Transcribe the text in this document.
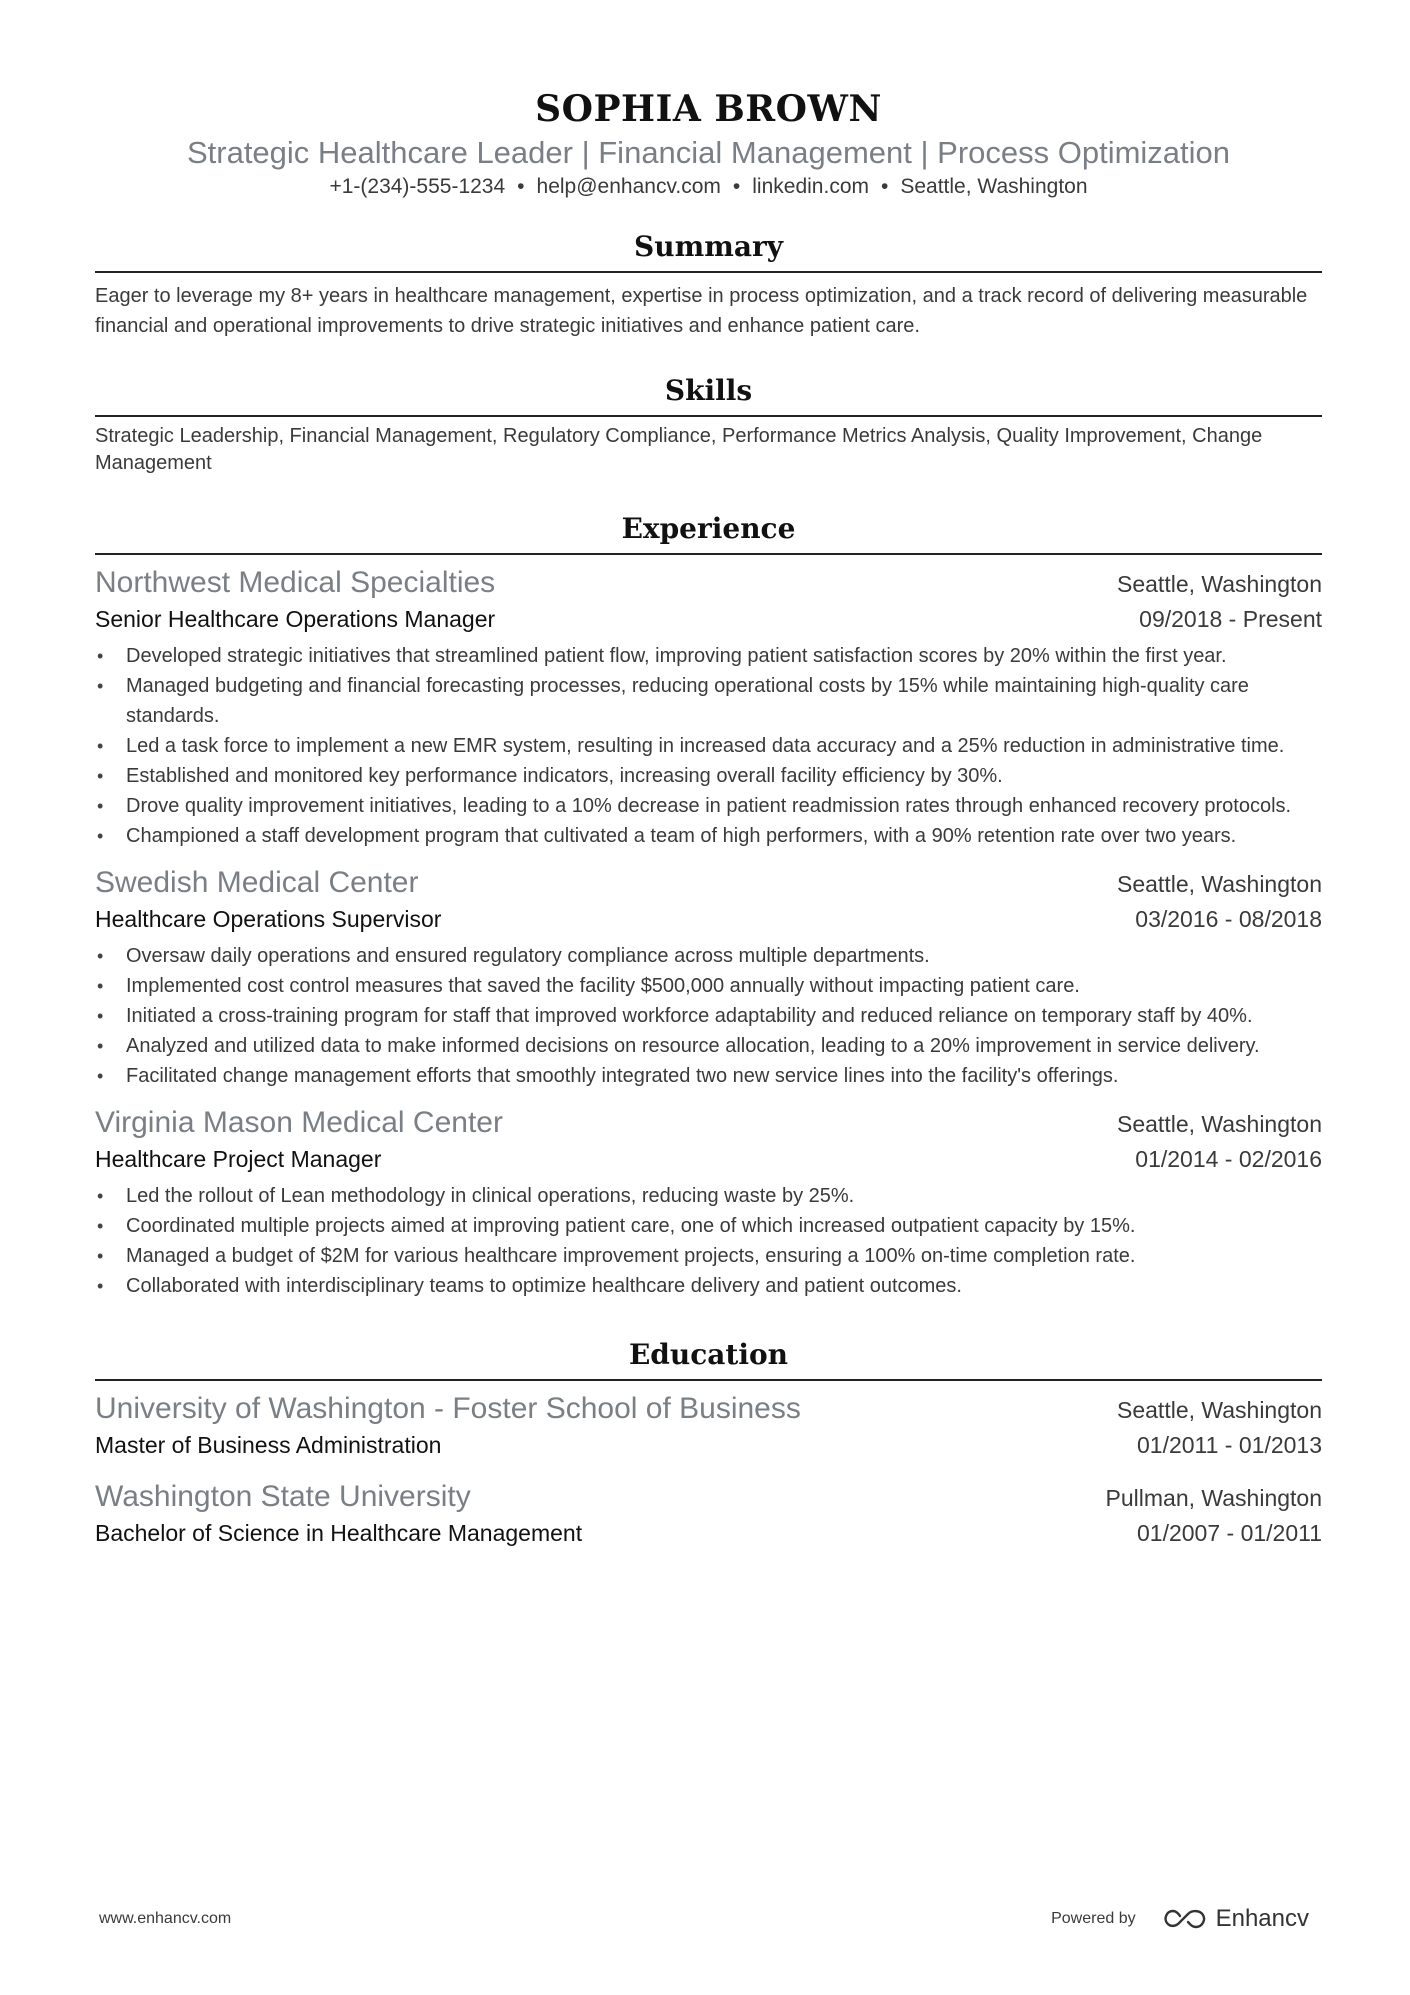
SOPHIA BROWN
Strategic Healthcare Leader | Financial Management | Process Optimization
+1-(234)-555-1234 • help@enhancv.com • linkedin.com • Seattle, Washington
Summary
Eager to leverage my 8+ years in healthcare management, expertise in process optimization, and a track record of delivering measurable financial and operational improvements to drive strategic initiatives and enhance patient care.
Skills
Strategic Leadership, Financial Management, Regulatory Compliance, Performance Metrics Analysis, Quality Improvement, Change Management
Experience
Northwest Medical Specialties	Seattle, Washington
Senior Healthcare Operations Manager	09/2018 - Present
• Developed strategic initiatives that streamlined patient flow, improving patient satisfaction scores by 20% within the first year.
• Managed budgeting and financial forecasting processes, reducing operational costs by 15% while maintaining high-quality care standards.
• Led a task force to implement a new EMR system, resulting in increased data accuracy and a 25% reduction in administrative time.
• Established and monitored key performance indicators, increasing overall facility efficiency by 30%.
• Drove quality improvement initiatives, leading to a 10% decrease in patient readmission rates through enhanced recovery protocols.
• Championed a staff development program that cultivated a team of high performers, with a 90% retention rate over two years.
Swedish Medical Center	Seattle, Washington
Healthcare Operations Supervisor	03/2016 - 08/2018
• Oversaw daily operations and ensured regulatory compliance across multiple departments.
• Implemented cost control measures that saved the facility $500,000 annually without impacting patient care.
• Initiated a cross-training program for staff that improved workforce adaptability and reduced reliance on temporary staff by 40%.
• Analyzed and utilized data to make informed decisions on resource allocation, leading to a 20% improvement in service delivery.
• Facilitated change management efforts that smoothly integrated two new service lines into the facility's offerings.
Virginia Mason Medical Center	Seattle, Washington
Healthcare Project Manager	01/2014 - 02/2016
• Led the rollout of Lean methodology in clinical operations, reducing waste by 25%.
• Coordinated multiple projects aimed at improving patient care, one of which increased outpatient capacity by 15%.
• Managed a budget of $2M for various healthcare improvement projects, ensuring a 100% on-time completion rate.
• Collaborated with interdisciplinary teams to optimize healthcare delivery and patient outcomes.
Education
University of Washington - Foster School of Business	Seattle, Washington
Master of Business Administration	01/2011 - 01/2013
Washington State University	Pullman, Washington
Bachelor of Science in Healthcare Management	01/2007 - 01/2011
www.enhancv.com	Powered by	Enhancv
